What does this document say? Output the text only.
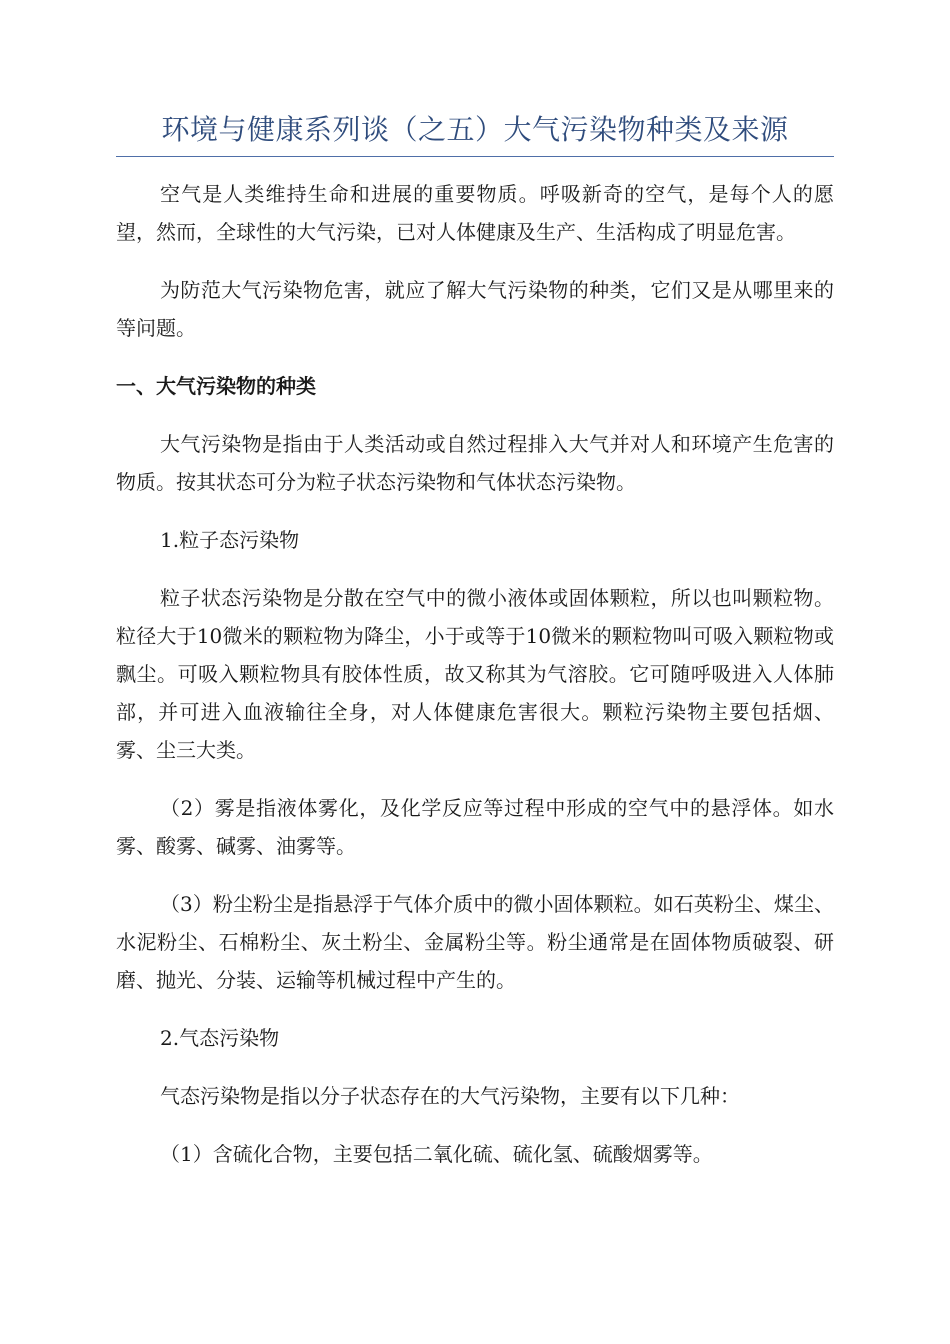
环境与健康系列谈（之五）大气污染物种类及来源

空气是人类维持生命和进展的重要物质。呼吸新奇的空气，是每个人的愿望，然而，全球性的大气污染，已对人体健康及生产、生活构成了明显危害。

为防范大气污染物危害，就应了解大气污染物的种类，它们又是从哪里来的等问题。

一、大气污染物的种类

大气污染物是指由于人类活动或自然过程排入大气并对人和环境产生危害的物质。按其状态可分为粒子状态污染物和气体状态污染物。

1.粒子态污染物

粒子状态污染物是分散在空气中的微小液体或固体颗粒，所以也叫颗粒物。粒径大于10微米的颗粒物为降尘，小于或等于10微米的颗粒物叫可吸入颗粒物或飘尘。可吸入颗粒物具有胶体性质，故又称其为气溶胶。它可随呼吸进入人体肺部，并可进入血液输往全身，对人体健康危害很大。颗粒污染物主要包括烟、雾、尘三大类。

（2）雾是指液体雾化，及化学反应等过程中形成的空气中的悬浮体。如水雾、酸雾、碱雾、油雾等。

（3）粉尘粉尘是指悬浮于气体介质中的微小固体颗粒。如石英粉尘、煤尘、水泥粉尘、石棉粉尘、灰土粉尘、金属粉尘等。粉尘通常是在固体物质破裂、研磨、抛光、分装、运输等机械过程中产生的。

2.气态污染物

气态污染物是指以分子状态存在的大气污染物，主要有以下几种：

（1）含硫化合物，主要包括二氧化硫、硫化氢、硫酸烟雾等。
